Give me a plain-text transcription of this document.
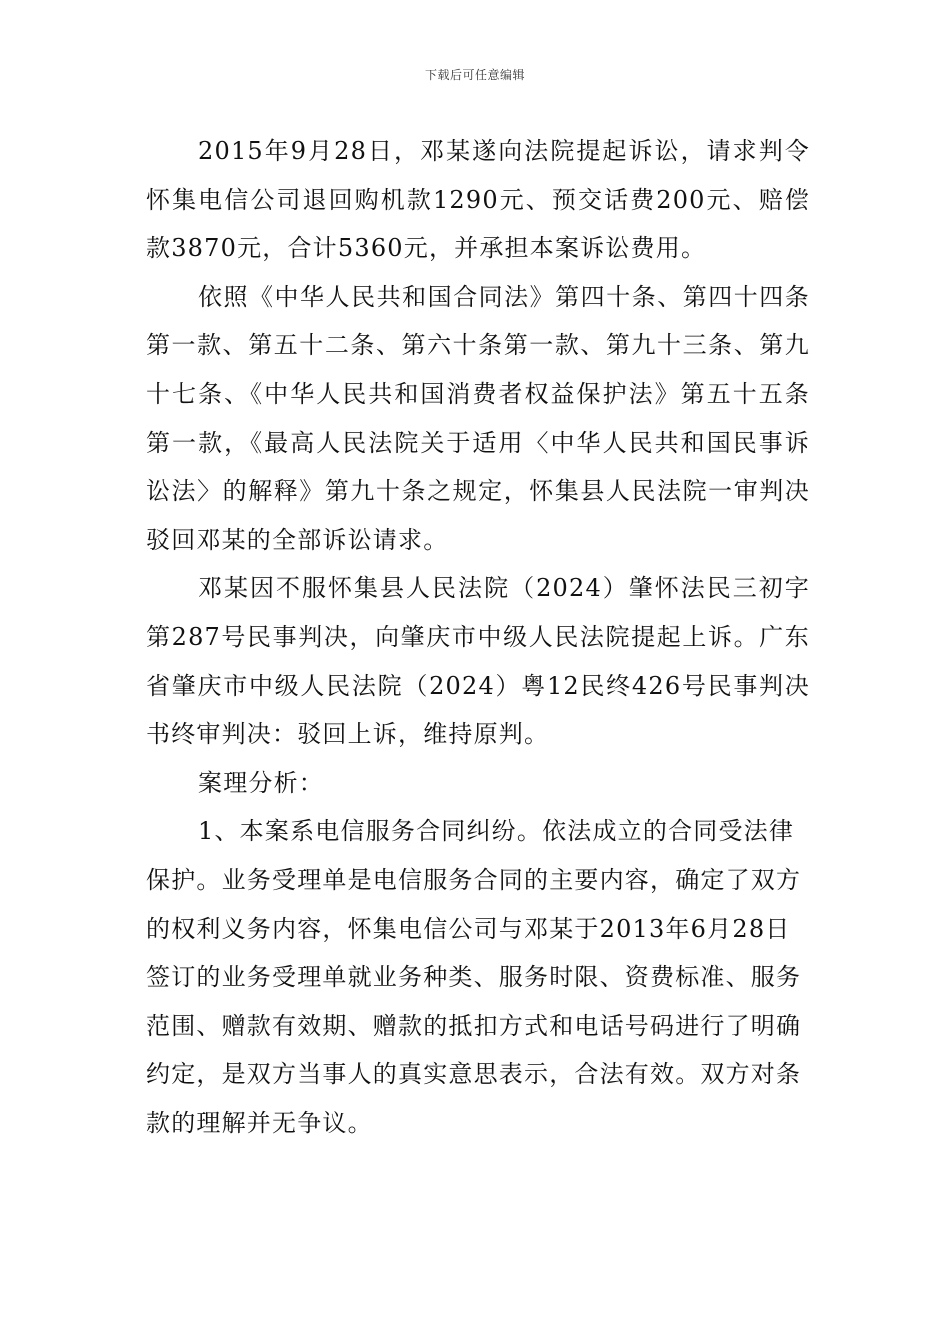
下载后可任意编辑

2015年9月28日，邓某遂向法院提起诉讼，请求判令怀集电信公司退回购机款1290元、预交话费200元、赔偿款3870元，合计5360元，并承担本案诉讼费用。

依照《中华人民共和国合同法》第四十条、第四十四条第一款、第五十二条、第六十条第一款、第九十三条、第九十七条、《中华人民共和国消费者权益保护法》第五十五条第一款，《最高人民法院关于适用〈中华人民共和国民事诉讼法〉的解释》第九十条之规定，怀集县人民法院一审判决驳回邓某的全部诉讼请求。

邓某因不服怀集县人民法院（2024）肇怀法民三初字第287号民事判决，向肇庆市中级人民法院提起上诉。广东省肇庆市中级人民法院（2024）粤12民终426号民事判决书终审判决：驳回上诉，维持原判。

案理分析：

1、本案系电信服务合同纠纷。依法成立的合同受法律保护。业务受理单是电信服务合同的主要内容，确定了双方的权利义务内容，怀集电信公司与邓某于2013年6月28日签订的业务受理单就业务种类、服务时限、资费标准、服务范围、赠款有效期、赠款的抵扣方式和电话号码进行了明确约定，是双方当事人的真实意思表示，合法有效。双方对条款的理解并无争议。
